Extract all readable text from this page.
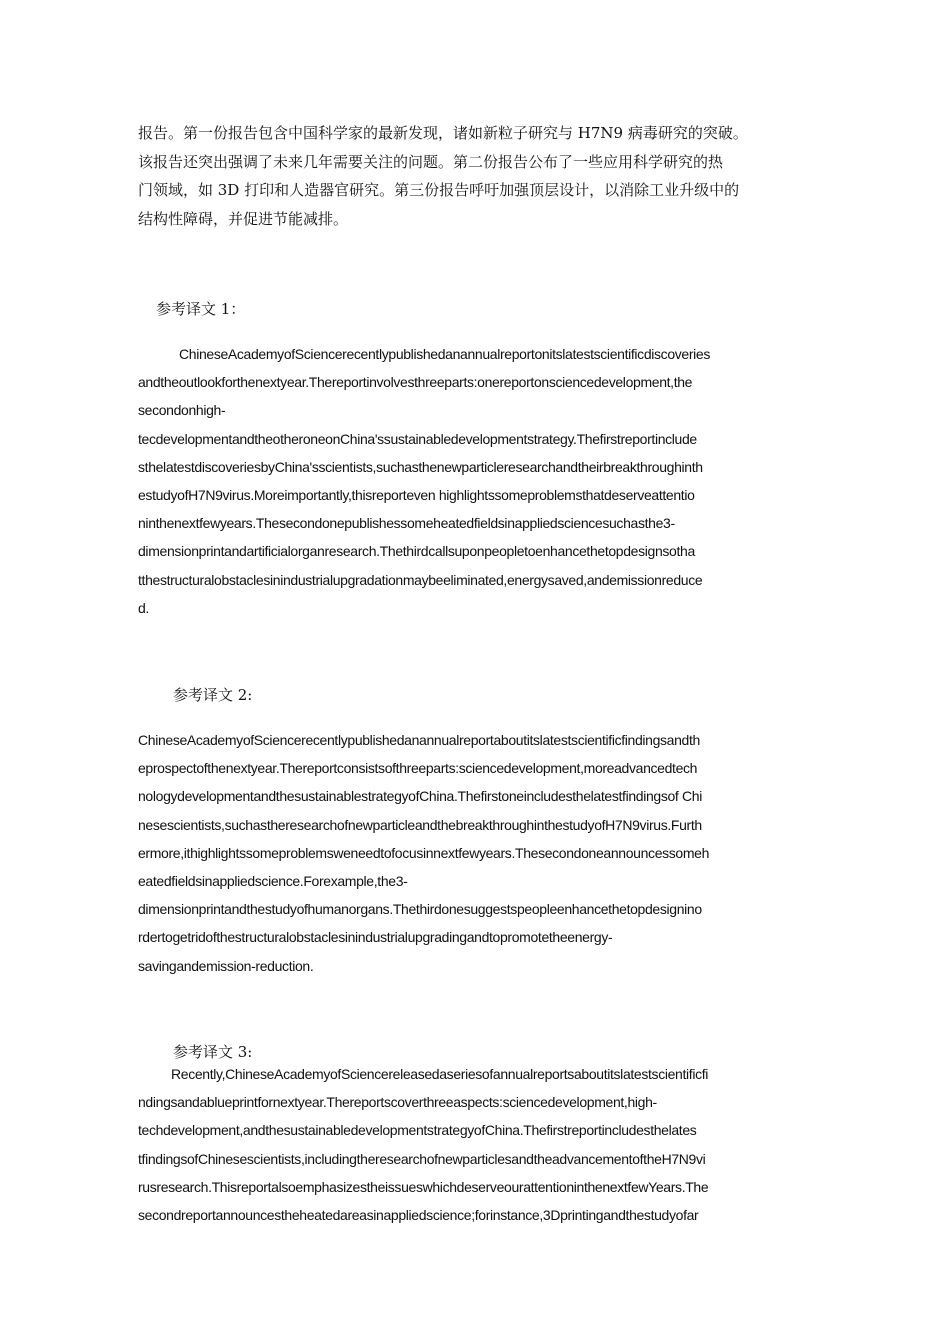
报告。第一份报告包含中国科学家的最新发现，诸如新粒子研究与 H7N9 病毒研究的突破。

该报告还突出强调了未来几年需要关注的问题。第二份报告公布了一些应用科学研究的热

门领域，如 3D 打印和人造器官研究。第三份报告呼吁加强顶层设计，以消除工业升级中的

结构性障碍，并促进节能减排。

参考译文 1：

ChineseAcademyofSciencerecentlypublishedanannualreportonitslatestscientificdiscoveries

andtheoutlookforthenextyear.Thereportinvolvesthreeparts:onereportonsciencedevelopment,the

secondonhigh-

tecdevelopmentandtheotheroneonChina'ssustainabledevelopmentstrategy.Thefirstreportinclude

sthelatestdiscoveriesbyChina'sscientists,suchasthenewparticleresearchandtheirbreakthroughinth

estudyofH7N9virus.Moreimportantly,thisreporteven highlightssomeproblemsthatdeserveattentio

ninthenextfewyears.Thesecondonepublishessomeheatedfieldsinappliedsciencesuchasthe3-

dimensionprintandartificialorganresearch.Thethirdcallsuponpeopletoenhancethetopdesignsotha

tthestructuralobstaclesinindustrialupgradationmaybeeliminated,energysaved,andemissionreduce

d.

参考译文 2:

ChineseAcademyofSciencerecentlypublishedanannualreportaboutitslatestscientificfindingsandth

eprospectofthenextyear.Thereportconsistsofthreeparts:sciencedevelopment,moreadvancedtech

nologydevelopmentandthesustainablestrategyofChina.Thefirstoneincludesthelatestfindingsof Chi

nesescientists,suchastheresearchofnewparticleandthebreakthroughinthestudyofH7N9virus.Furth

ermore,ithighlightssomeproblemsweneedtofocusinnextfewyears.Thesecondoneannouncessomeh

eatedfieldsinappliedscience.Forexample,the3-

dimensionprintandthestudyofhumanorgans.Thethirdonesuggestspeopleenhancethetopdesignino

rdertogetridofthestructuralobstaclesinindustrialupgradingandtopromotetheenergy-

savingandemission-reduction.

参考译文 3:

Recently,ChineseAcademyofSciencereleasedaseriesofannualreportsaboutitslatestscientificfi

ndingsandablueprintfornextyear.Thereportscoverthreeaspects:sciencedevelopment,high-

techdevelopment,andthesustainabledevelopmentstrategyofChina.Thefirstreportincludesthelates

tfindingsofChinesescientists,includingtheresearchofnewparticlesandtheadvancementoftheH7N9vi

rusresearch.ThisreportalsoemphasizestheissueswhichdeserveourattentioninthenextfewYears.The

secondreportannouncestheheatedareasinappliedscience;forinstance,3Dprintingandthestudyofar
